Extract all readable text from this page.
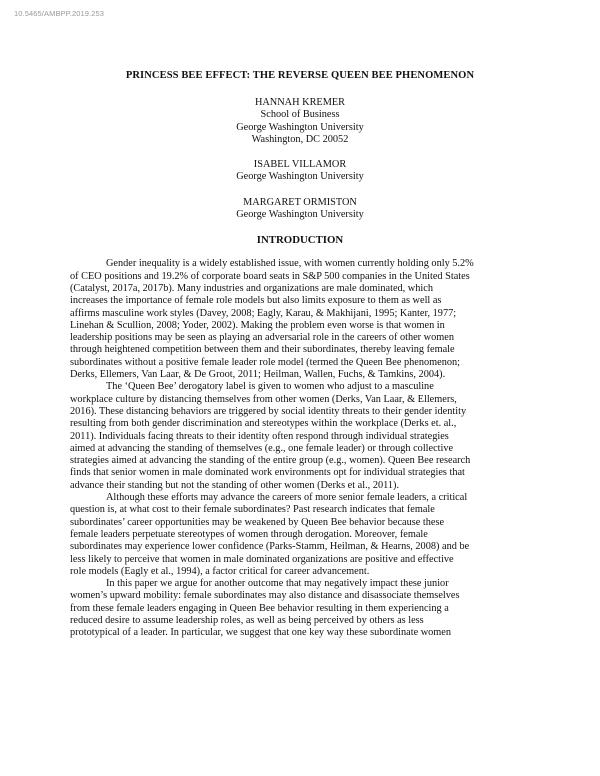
10.5465/AMBPP.2019.253
PRINCESS BEE EFFECT: THE REVERSE QUEEN BEE PHENOMENON
HANNAH KREMER
School of Business
George Washington University
Washington, DC 20052
ISABEL VILLAMOR
George Washington University
MARGARET ORMISTON
George Washington University
INTRODUCTION

Gender inequality is a widely established issue, with women currently holding only 5.2%
of CEO positions and 19.2% of corporate board seats in S&P 500 companies in the United States
(Catalyst, 2017a, 2017b). Many industries and organizations are male dominated, which
increases the importance of female role models but also limits exposure to them as well as
affirms masculine work styles (Davey, 2008; Eagly, Karau, & Makhijani, 1995; Kanter, 1977;
Linehan & Scullion, 2008; Yoder, 2002). Making the problem even worse is that women in
leadership positions may be seen as playing an adversarial role in the careers of other women
through heightened competition between them and their subordinates, thereby leaving female
subordinates without a positive female leader role model (termed the Queen Bee phenomenon;
Derks, Ellemers, Van Laar, & De Groot, 2011; Heilman, Wallen, Fuchs, & Tamkins, 2004).

The ‘Queen Bee’ derogatory label is given to women who adjust to a masculine
workplace culture by distancing themselves from other women (Derks, Van Laar, & Ellemers,
2016). These distancing behaviors are triggered by social identity threats to their gender identity
resulting from both gender discrimination and stereotypes within the workplace (Derks et. al.,
2011). Individuals facing threats to their identity often respond through individual strategies
aimed at advancing the standing of themselves (e.g., one female leader) or through collective
strategies aimed at advancing the standing of the entire group (e.g., women). Queen Bee research
finds that senior women in male dominated work environments opt for individual strategies that
advance their standing but not the standing of other women (Derks et al., 2011).

Although these efforts may advance the careers of more senior female leaders, a critical
question is, at what cost to their female subordinates? Past research indicates that female
subordinates’ career opportunities may be weakened by Queen Bee behavior because these
female leaders perpetuate stereotypes of women through derogation. Moreover, female
subordinates may experience lower confidence (Parks-Stamm, Heilman, & Hearns, 2008) and be
less likely to perceive that women in male dominated organizations are positive and effective
role models (Eagly et al., 1994), a factor critical for career advancement.

In this paper we argue for another outcome that may negatively impact these junior
women’s upward mobility: female subordinates may also distance and disassociate themselves
from these female leaders engaging in Queen Bee behavior resulting in them experiencing a
reduced desire to assume leadership roles, as well as being perceived by others as less
prototypical of a leader. In particular, we suggest that one key way these subordinate women
